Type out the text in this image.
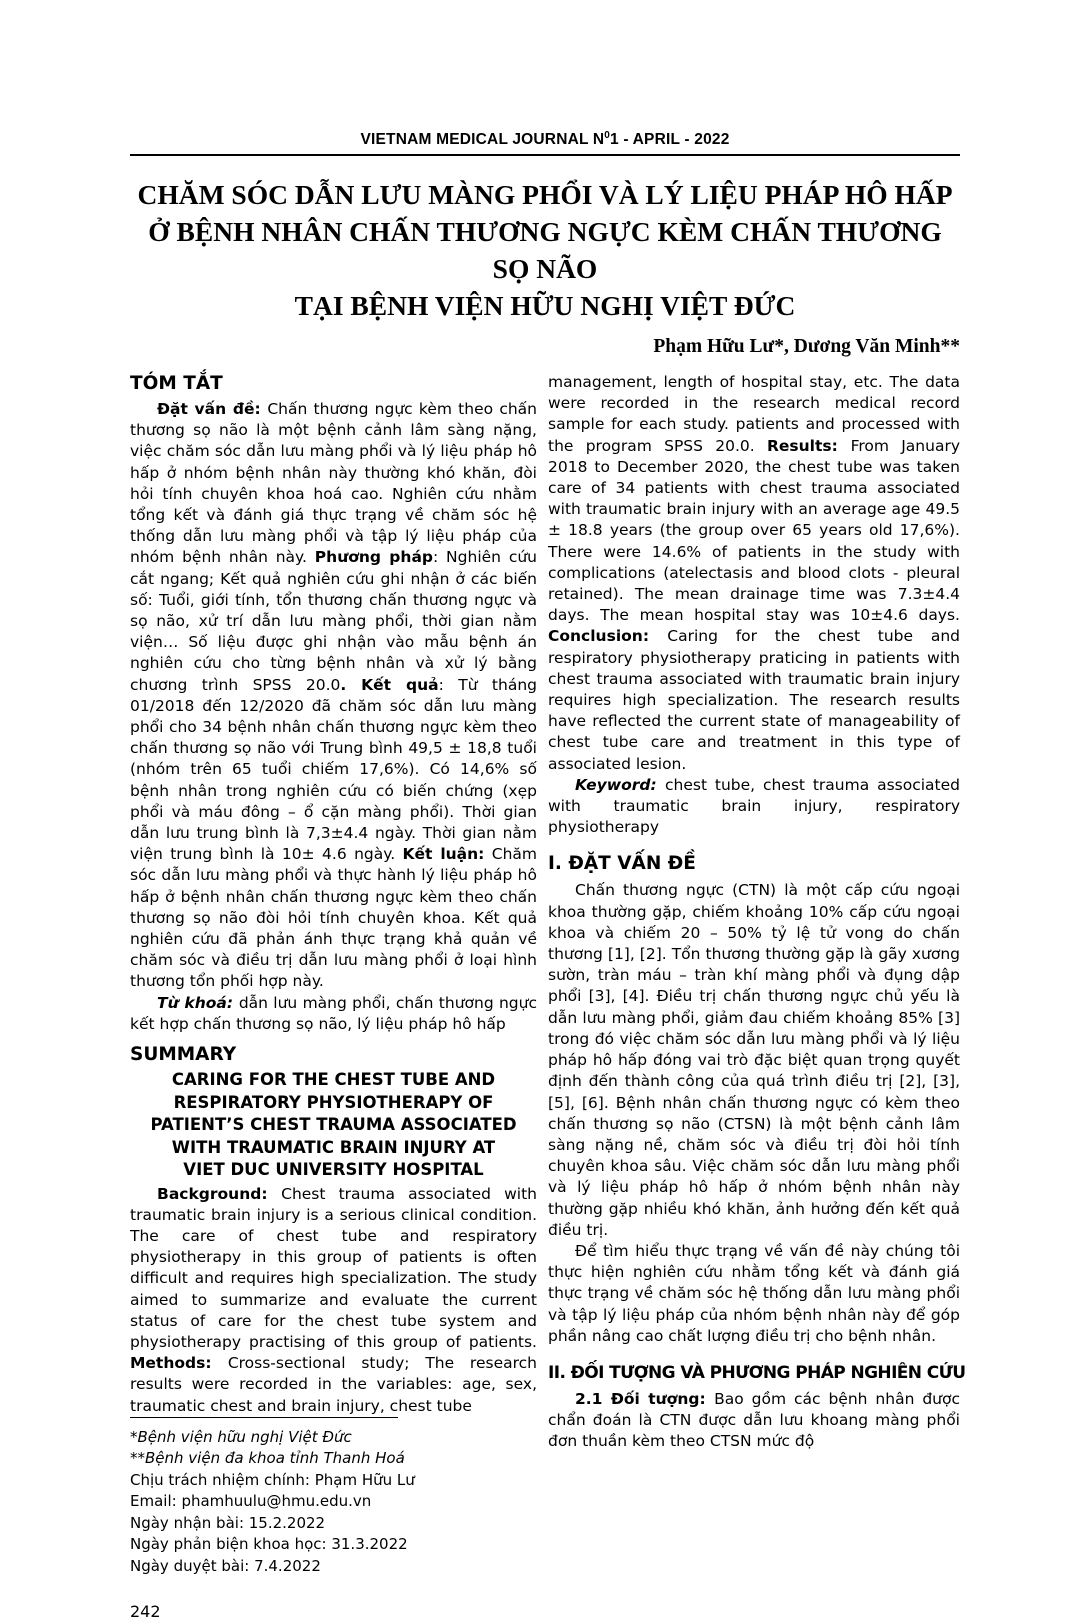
VIETNAM MEDICAL JOURNAL $N^01$ - APRIL - 2022
CHĂM SÓC DẪN LƯU MÀNG PHỔI VÀ LÝ LIỆU PHÁP HÔ HẤP
Ở BỆNH NHÂN CHẤN THƯƠNG NGỰC KÈM CHẤN THƯƠNG SỌ NÃO
TẠI BỆNH VIỆN HỮU NGHỊ VIỆT ĐỨC
Phạm Hữu Lư*, Dương Văn Minh**
TÓM TẮT

Đặt vấn đề: Chấn thương ngực kèm theo chấn thương sọ não là một bệnh cảnh lâm sàng nặng, việc chăm sóc dẫn lưu màng phổi và lý liệu pháp hô hấp ở nhóm bệnh nhân này thường khó khăn, đòi hỏi tính chuyên khoa hoá cao. Nghiên cứu nhằm tổng kết và đánh giá thực trạng về chăm sóc hệ thống dẫn lưu màng phổi và tập lý liệu pháp của nhóm bệnh nhân này. Phương pháp: Nghiên cứu cắt ngang; Kết quả nghiên cứu ghi nhận ở các biến số: Tuổi, giới tính, tổn thương chấn thương ngực và sọ não, xử trí dẫn lưu màng phổi, thời gian nằm viện… Số liệu được ghi nhận vào mẫu bệnh án nghiên cứu cho từng bệnh nhân và xử lý bằng chương trình SPSS 20.0. Kết quả: Từ tháng 01/2018 đến 12/2020 đã chăm sóc dẫn lưu màng phổi cho 34 bệnh nhân chấn thương ngực kèm theo chấn thương sọ não với Trung bình 49,5 ± 18,8 tuổi (nhóm trên 65 tuổi chiếm 17,6%). Có 14,6% số bệnh nhân trong nghiên cứu có biến chứng (xẹp phổi và máu đông – ổ cặn màng phổi). Thời gian dẫn lưu trung bình là 7,3±4.4 ngày. Thời gian nằm viện trung bình là 10± 4.6 ngày. Kết luận: Chăm sóc dẫn lưu màng phổi và thực hành lý liệu pháp hô hấp ở bệnh nhân chấn thương ngực kèm theo chấn thương sọ não đòi hỏi tính chuyên khoa. Kết quả nghiên cứu đã phản ánh thực trạng khả quản về chăm sóc và điều trị dẫn lưu màng phổi ở loại hình thương tổn phối hợp này.

Từ khoá: dẫn lưu màng phổi, chấn thương ngực kết hợp chấn thương sọ não, lý liệu pháp hô hấp

SUMMARY
CARING FOR THE CHEST TUBE AND
RESPIRATORY PHYSIOTHERAPY OF
PATIENT’S CHEST TRAUMA ASSOCIATED
WITH TRAUMATIC BRAIN INJURY AT
VIET DUC UNIVERSITY HOSPITAL

Background: Chest trauma associated with traumatic brain injury is a serious clinical condition. The care of chest tube and respiratory physiotherapy in this group of patients is often difficult and requires high specialization. The study aimed to summarize and evaluate the current status of care for the chest tube system and physiotherapy practising of this group of patients. Methods: Cross-sectional study; The research results were recorded in the variables: age, sex, traumatic chest and brain injury, chest tube

*Bệnh viện hữu nghị Việt Đức
**Bệnh viện đa khoa tỉnh Thanh Hoá
Chịu trách nhiệm chính: Phạm Hữu Lư
Email: phamhuulu@hmu.edu.vn
Ngày nhận bài: 15.2.2022
Ngày phản biện khoa học: 31.3.2022
Ngày duyệt bài: 7.4.2022
242

management, length of hospital stay, etc. The data were recorded in the research medical record sample for each study. patients and processed with the program SPSS 20.0. Results: From January 2018 to December 2020, the chest tube was taken care of 34 patients with chest trauma associated with traumatic brain injury with an average age 49.5 ± 18.8 years (the group over 65 years old 17,6%). There were 14.6% of patients in the study with complications (atelectasis and blood clots - pleural retained). The mean drainage time was 7.3±4.4 days. The mean hospital stay was 10±4.6 days. Conclusion: Caring for the chest tube and respiratory physiotherapy praticing in patients with chest trauma associated with traumatic brain injury requires high specialization. The research results have reflected the current state of manageability of chest tube care and treatment in this type of associated lesion.

Keyword: chest tube, chest trauma associated with traumatic brain injury, respiratory physiotherapy

I. ĐẶT VẤN ĐỀ

Chấn thương ngực (CTN) là một cấp cứu ngoại khoa thường gặp, chiếm khoảng 10% cấp cứu ngoại khoa và chiếm 20 – 50% tỷ lệ tử vong do chấn thương [1], [2]. Tổn thương thường gặp là gãy xương sườn, tràn máu – tràn khí màng phổi và đụng dập phổi [3], [4]. Điều trị chấn thương ngực chủ yếu là dẫn lưu màng phổi, giảm đau chiếm khoảng 85% [3] trong đó việc chăm sóc dẫn lưu màng phổi và lý liệu pháp hô hấp đóng vai trò đặc biệt quan trọng quyết định đến thành công của quá trình điều trị [2], [3], [5], [6]. Bệnh nhân chấn thương ngực có kèm theo chấn thương sọ não (CTSN) là một bệnh cảnh lâm sàng nặng nề, chăm sóc và điều trị đòi hỏi tính chuyên khoa sâu. Việc chăm sóc dẫn lưu màng phổi và lý liệu pháp hô hấp ở nhóm bệnh nhân này thường gặp nhiều khó khăn, ảnh hưởng đến kết quả điều trị.

Để tìm hiểu thực trạng về vấn đề này chúng tôi thực hiện nghiên cứu nhằm tổng kết và đánh giá thực trạng về chăm sóc hệ thống dẫn lưu màng phổi và tập lý liệu pháp của nhóm bệnh nhân này để góp phần nâng cao chất lượng điều trị cho bệnh nhân.

II. ĐỐI TƯỢNG VÀ PHƯƠNG PHÁP NGHIÊN CỨU

2.1 Đối tượng: Bao gồm các bệnh nhân được chẩn đoán là CTN được dẫn lưu khoang màng phổi đơn thuần kèm theo CTSN mức độ
